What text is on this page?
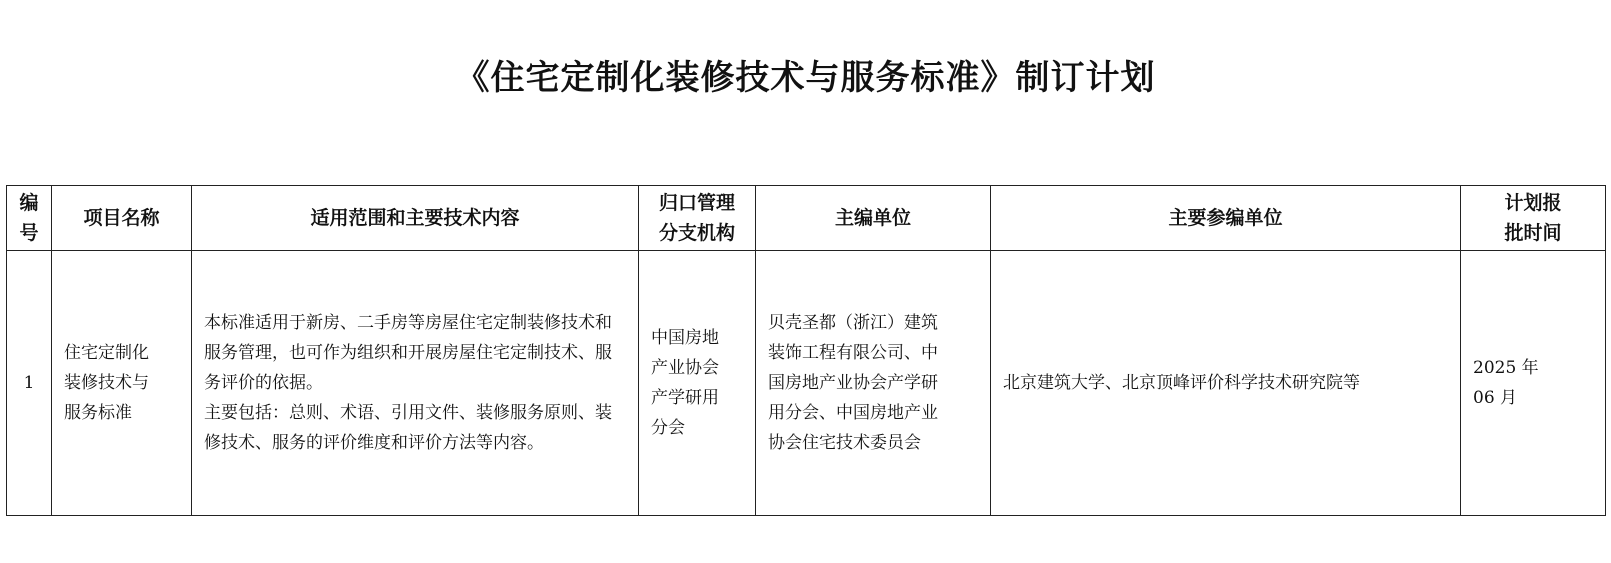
《住宅定制化装修技术与服务标准》制订计划
编
号	项目名称	适用范围和主要技术内容	归口管理
分支机构	主编单位	主要参编单位	计划报
批时间
1	住宅定制化
装修技术与
服务标准	本标准适用于新房、二手房等房屋住宅定制装修技术和服务管理，也可作为组织和开展房屋住宅定制技术、服务评价的依据。
主要包括：总则、术语、引用文件、装修服务原则、装修技术、服务的评价维度和评价方法等内容。	中国房地
产业协会
产学研用
分会	贝壳圣都（浙江）建筑
装饰工程有限公司、中
国房地产业协会产学研
用分会、中国房地产业
协会住宅技术委员会	北京建筑大学、北京顶峰评价科学技术研究院等	2025 年
06 月
